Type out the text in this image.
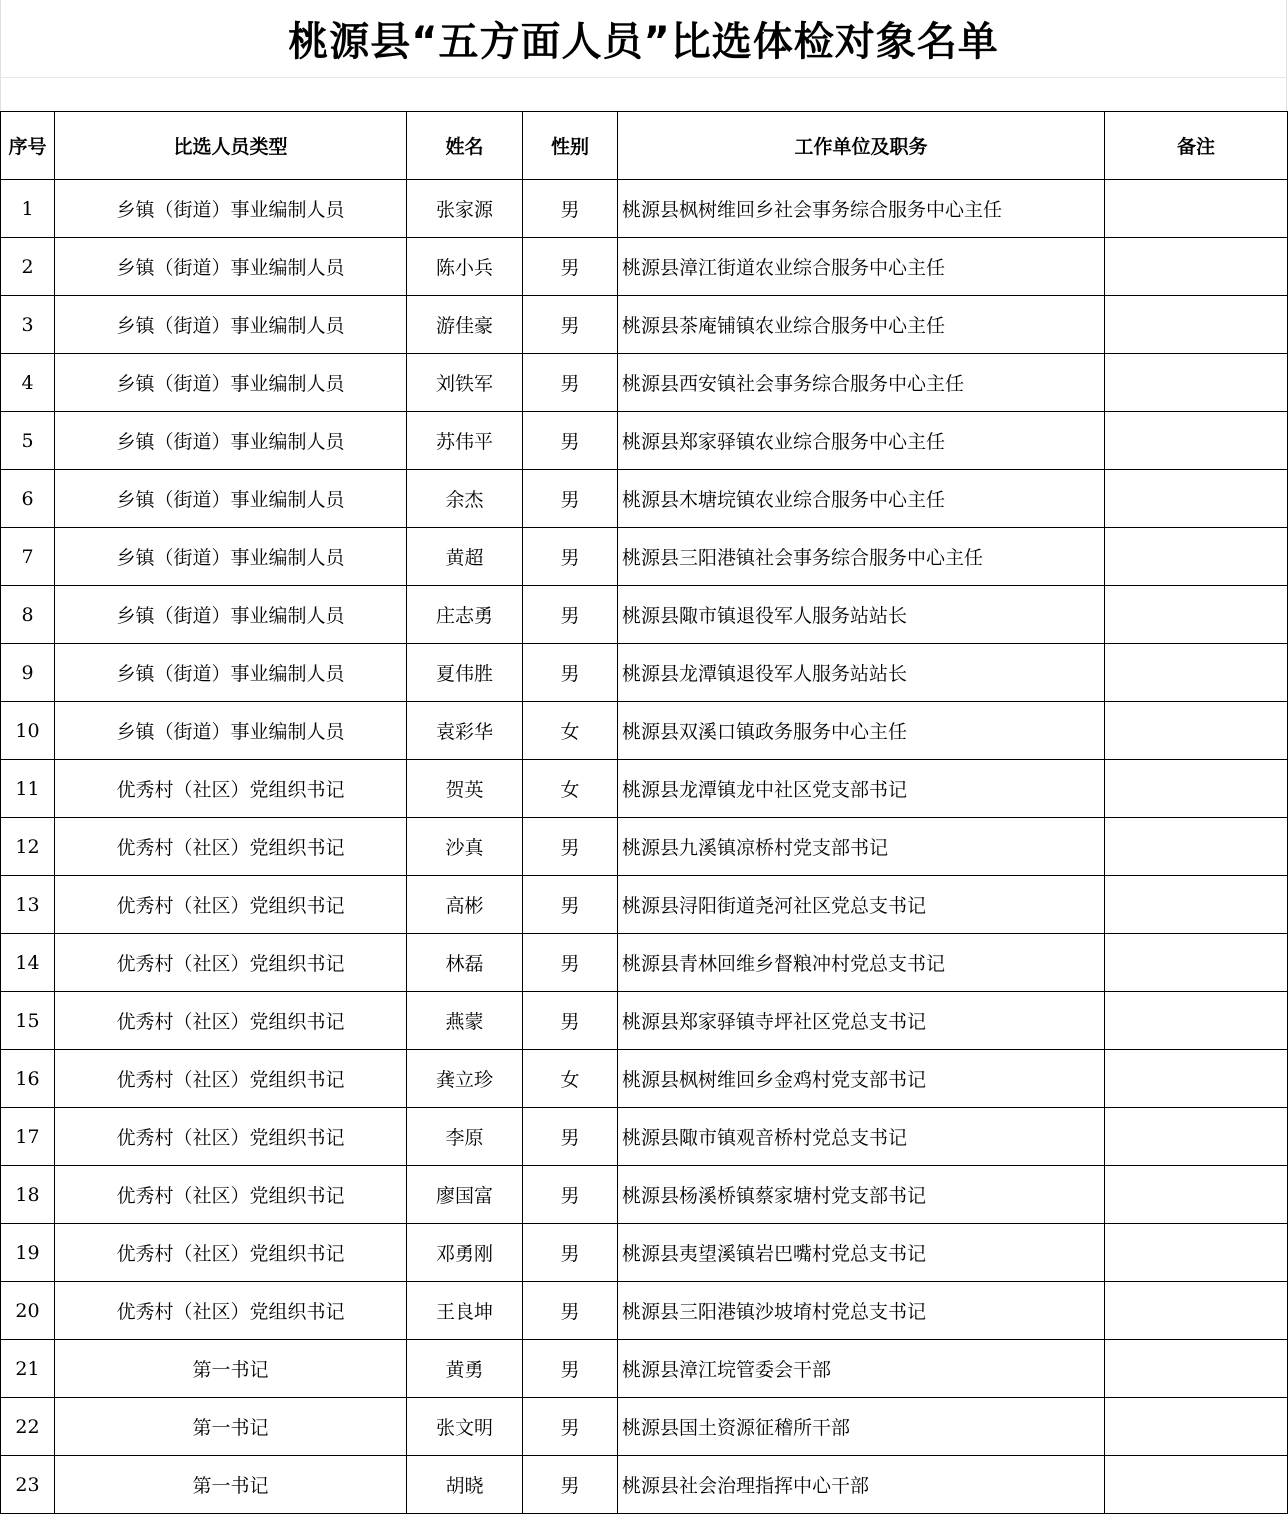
桃源县“五方面人员”比选体检对象名单
序号	比选人员类型	姓名	性别	工作单位及职务	备注
1	乡镇（街道）事业编制人员	张家源	男	桃源县枫树维回乡社会事务综合服务中心主任	
2	乡镇（街道）事业编制人员	陈小兵	男	桃源县漳江街道农业综合服务中心主任	
3	乡镇（街道）事业编制人员	游佳豪	男	桃源县茶庵铺镇农业综合服务中心主任	
4	乡镇（街道）事业编制人员	刘铁军	男	桃源县西安镇社会事务综合服务中心主任	
5	乡镇（街道）事业编制人员	苏伟平	男	桃源县郑家驿镇农业综合服务中心主任	
6	乡镇（街道）事业编制人员	余杰	男	桃源县木塘垸镇农业综合服务中心主任	
7	乡镇（街道）事业编制人员	黄超	男	桃源县三阳港镇社会事务综合服务中心主任	
8	乡镇（街道）事业编制人员	庄志勇	男	桃源县陬市镇退役军人服务站站长	
9	乡镇（街道）事业编制人员	夏伟胜	男	桃源县龙潭镇退役军人服务站站长	
10	乡镇（街道）事业编制人员	袁彩华	女	桃源县双溪口镇政务服务中心主任	
11	优秀村（社区）党组织书记	贺英	女	桃源县龙潭镇龙中社区党支部书记	
12	优秀村（社区）党组织书记	沙真	男	桃源县九溪镇凉桥村党支部书记	
13	优秀村（社区）党组织书记	高彬	男	桃源县浔阳街道尧河社区党总支书记	
14	优秀村（社区）党组织书记	林磊	男	桃源县青林回维乡督粮冲村党总支书记	
15	优秀村（社区）党组织书记	燕蒙	男	桃源县郑家驿镇寺坪社区党总支书记	
16	优秀村（社区）党组织书记	龚立珍	女	桃源县枫树维回乡金鸡村党支部书记	
17	优秀村（社区）党组织书记	李原	男	桃源县陬市镇观音桥村党总支书记	
18	优秀村（社区）党组织书记	廖国富	男	桃源县杨溪桥镇蔡家塘村党支部书记	
19	优秀村（社区）党组织书记	邓勇刚	男	桃源县夷望溪镇岩巴嘴村党总支书记	
20	优秀村（社区）党组织书记	王良坤	男	桃源县三阳港镇沙坡堉村党总支书记	
21	第一书记	黄勇	男	桃源县漳江垸管委会干部	
22	第一书记	张文明	男	桃源县国土资源征稽所干部	
23	第一书记	胡晓	男	桃源县社会治理指挥中心干部	
